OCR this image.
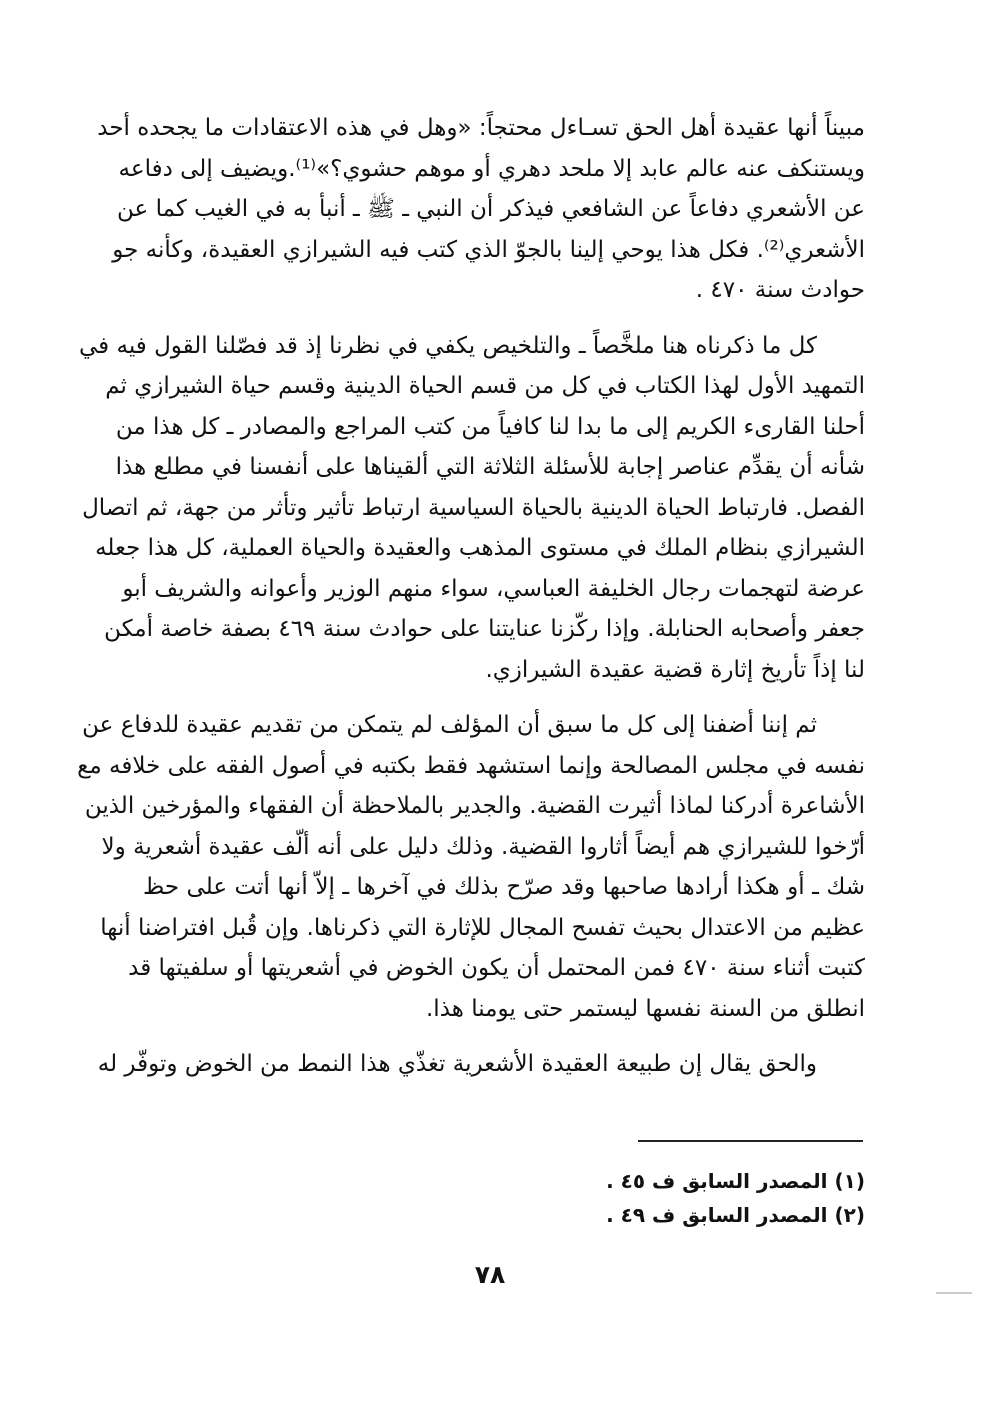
مبيناً أنها عقيدة أهل الحق تسـاءل محتجاً: «وهل في هذه الاعتقادات ما يجحده أحد
ويستنكف عنه عالم عابد إلا ملحد دهري أو موهم حشوي؟»⁽¹⁾.ويضيف إلى دفاعه
عن الأشعري دفاعاً عن الشافعي فيذكر أن النبي ـ ﷺ ـ أنبأ به في الغيب كما عن
الأشعري⁽²⁾. فكل هذا يوحي إلينا بالجوّ الذي كتب فيه الشيرازي العقيدة، وكأنه جو
حوادث سنة ٤٧٠ .

كل ما ذكرناه هنا ملخَّصاً ـ والتلخيص يكفي في نظرنا إذ قد فصّلنا القول فيه في
التمهيد الأول لهذا الكتاب في كل من قسم الحياة الدينية وقسم حياة الشيرازي ثم
أحلنا القارىء الكريم إلى ما بدا لنا كافياً من كتب المراجع والمصادر ـ كل هذا من
شأنه أن يقدِّم عناصر إجابة للأسئلة الثلاثة التي ألقيناها على أنفسنا في مطلع هذا
الفصل. فارتباط الحياة الدينية بالحياة السياسية ارتباط تأثير وتأثر من جهة، ثم اتصال
الشيرازي بنظام الملك في مستوى المذهب والعقيدة والحياة العملية، كل هذا جعله
عرضة لتهجمات رجال الخليفة العباسي، سواء منهم الوزير وأعوانه والشريف أبو
جعفر وأصحابه الحنابلة. وإذا ركّزنا عنايتنا على حوادث سنة ٤٦٩ بصفة خاصة أمكن
لنا إذاً تأريخ إثارة قضية عقيدة الشيرازي.

ثم إننا أضفنا إلى كل ما سبق أن المؤلف لم يتمكن من تقديم عقيدة للدفاع عن
نفسه في مجلس المصالحة وإنما استشهد فقط بكتبه في أصول الفقه على خلافه مع
الأشاعرة أدركنا لماذا أثيرت القضية. والجدير بالملاحظة أن الفقهاء والمؤرخين الذين
أرّخوا للشيرازي هم أيضاً أثاروا القضية. وذلك دليل على أنه ألّف عقيدة أشعرية ولا
شك ـ أو هكذا أرادها صاحبها وقد صرّح بذلك في آخرها ـ إلاّ أنها أتت على حظ
عظيم من الاعتدال بحيث تفسح المجال للإثارة التي ذكرناها. وإن قُبل افتراضنا أنها
كتبت أثناء سنة ٤٧٠ فمن المحتمل أن يكون الخوض في أشعريتها أو سلفيتها قد
انطلق من السنة نفسها ليستمر حتى يومنا هذا.

والحق يقال إن طبيعة العقيدة الأشعرية تغذّي هذا النمط من الخوض وتوفّر له

(١) المصدر السابق ف ٤٥ .
(٢) المصدر السابق ف ٤٩ .
٧٨
